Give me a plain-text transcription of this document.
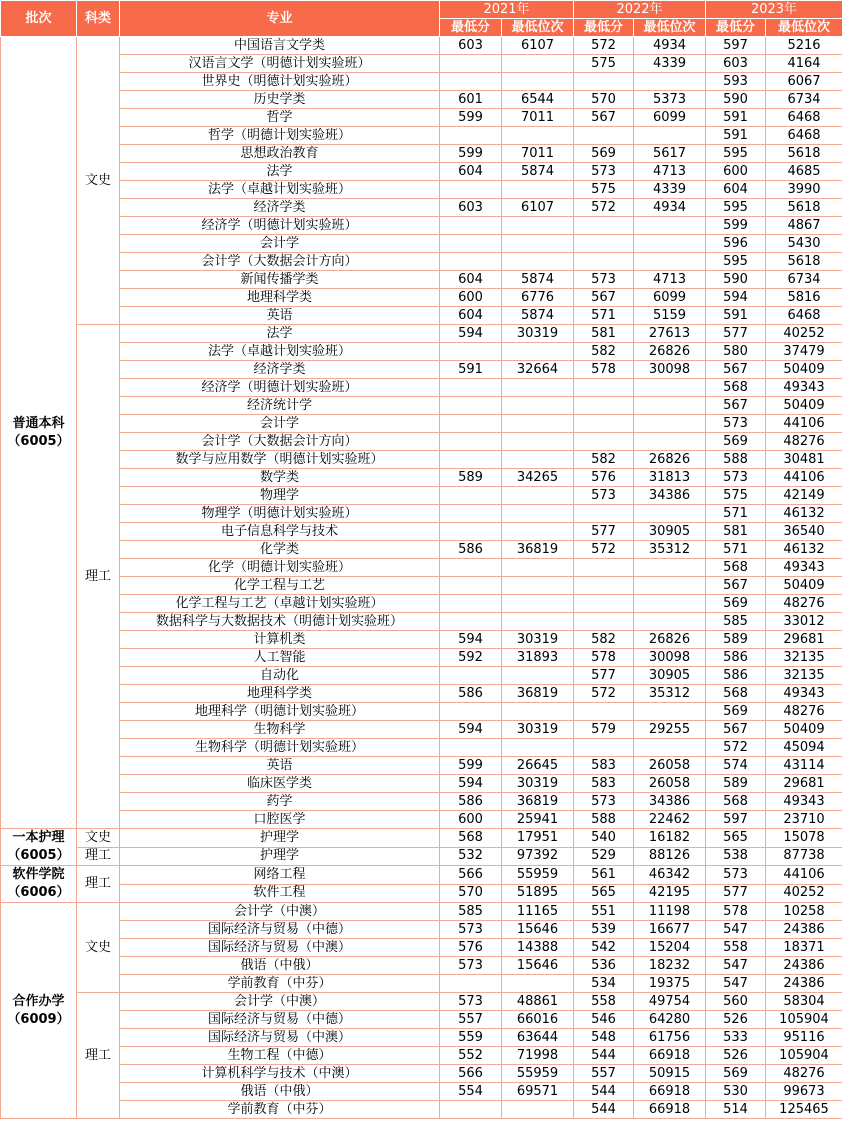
批次	科类	专业	2021年		2022年		2023年	
			最低分	最低位次	最低分	最低位次	最低分	最低位次

普通本科
（6005）	文史	中国语言文学类	603	6107	572	4934	597	5216
		汉语言文学（明德计划实验班）			575	4339	603	4164
		世界史（明德计划实验班）					593	6067
		历史学类	601	6544	570	5373	590	6734
		哲学	599	7011	567	6099	591	6468
		哲学（明德计划实验班）					591	6468
		思想政治教育	599	7011	569	5617	595	5618
		法学	604	5874	573	4713	600	4685
		法学（卓越计划实验班）			575	4339	604	3990
		经济学类	603	6107	572	4934	595	5618
		经济学（明德计划实验班）					599	4867
		会计学					596	5430
		会计学（大数据会计方向）					595	5618
		新闻传播学类	604	5874	573	4713	590	6734
		地理科学类	600	6776	567	6099	594	5816
		英语	604	5874	571	5159	591	6468
	理工	法学	594	30319	581	27613	577	40252
		法学（卓越计划实验班）			582	26826	580	37479
		经济学类	591	32664	578	30098	567	50409
		经济学（明德计划实验班）					568	49343
		经济统计学					567	50409
		会计学					573	44106
		会计学（大数据会计方向）					569	48276
		数学与应用数学（明德计划实验班）			582	26826	588	30481
		数学类	589	34265	576	31813	573	44106
		物理学			573	34386	575	42149
		物理学（明德计划实验班）					571	46132
		电子信息科学与技术			577	30905	581	36540
		化学类	586	36819	572	35312	571	46132
		化学（明德计划实验班）					568	49343
		化学工程与工艺					567	50409
		化学工程与工艺（卓越计划实验班）					569	48276
		数据科学与大数据技术（明德计划实验班）					585	33012
		计算机类	594	30319	582	26826	589	29681
		人工智能	592	31893	578	30098	586	32135
		自动化			577	30905	586	32135
		地理科学类	586	36819	572	35312	568	49343
		地理科学（明德计划实验班）					569	48276
		生物科学	594	30319	579	29255	567	50409
		生物科学（明德计划实验班）					572	45094
		英语	599	26645	583	26058	574	43114
		临床医学类	594	30319	583	26058	589	29681
		药学	586	36819	573	34386	568	49343
		口腔医学	600	25941	588	22462	597	23710

一本护理
（6005）	文史	护理学	568	17951	540	16182	565	15078
	理工	护理学	532	97392	529	88126	538	87738

软件学院
（6006）	理工	网络工程	566	55959	561	46342	573	44106
		软件工程	570	51895	565	42195	577	40252

合作办学
（6009）	文史	会计学（中澳）	585	11165	551	11198	578	10258
		国际经济与贸易（中德）	573	15646	539	16677	547	24386
		国际经济与贸易（中澳）	576	14388	542	15204	558	18371
		俄语（中俄）	573	15646	536	18232	547	24386
		学前教育（中芬）			534	19375	547	24386
	理工	会计学（中澳）	573	48861	558	49754	560	58304
		国际经济与贸易（中德）	557	66016	546	64280	526	105904
		国际经济与贸易（中澳）	559	63644	548	61756	533	95116
		生物工程（中德）	552	71998	544	66918	526	105904
		计算机科学与技术（中澳）	566	55959	557	50915	569	48276
		俄语（中俄）	554	69571	544	66918	530	99673
		学前教育（中芬）			544	66918	514	125465
